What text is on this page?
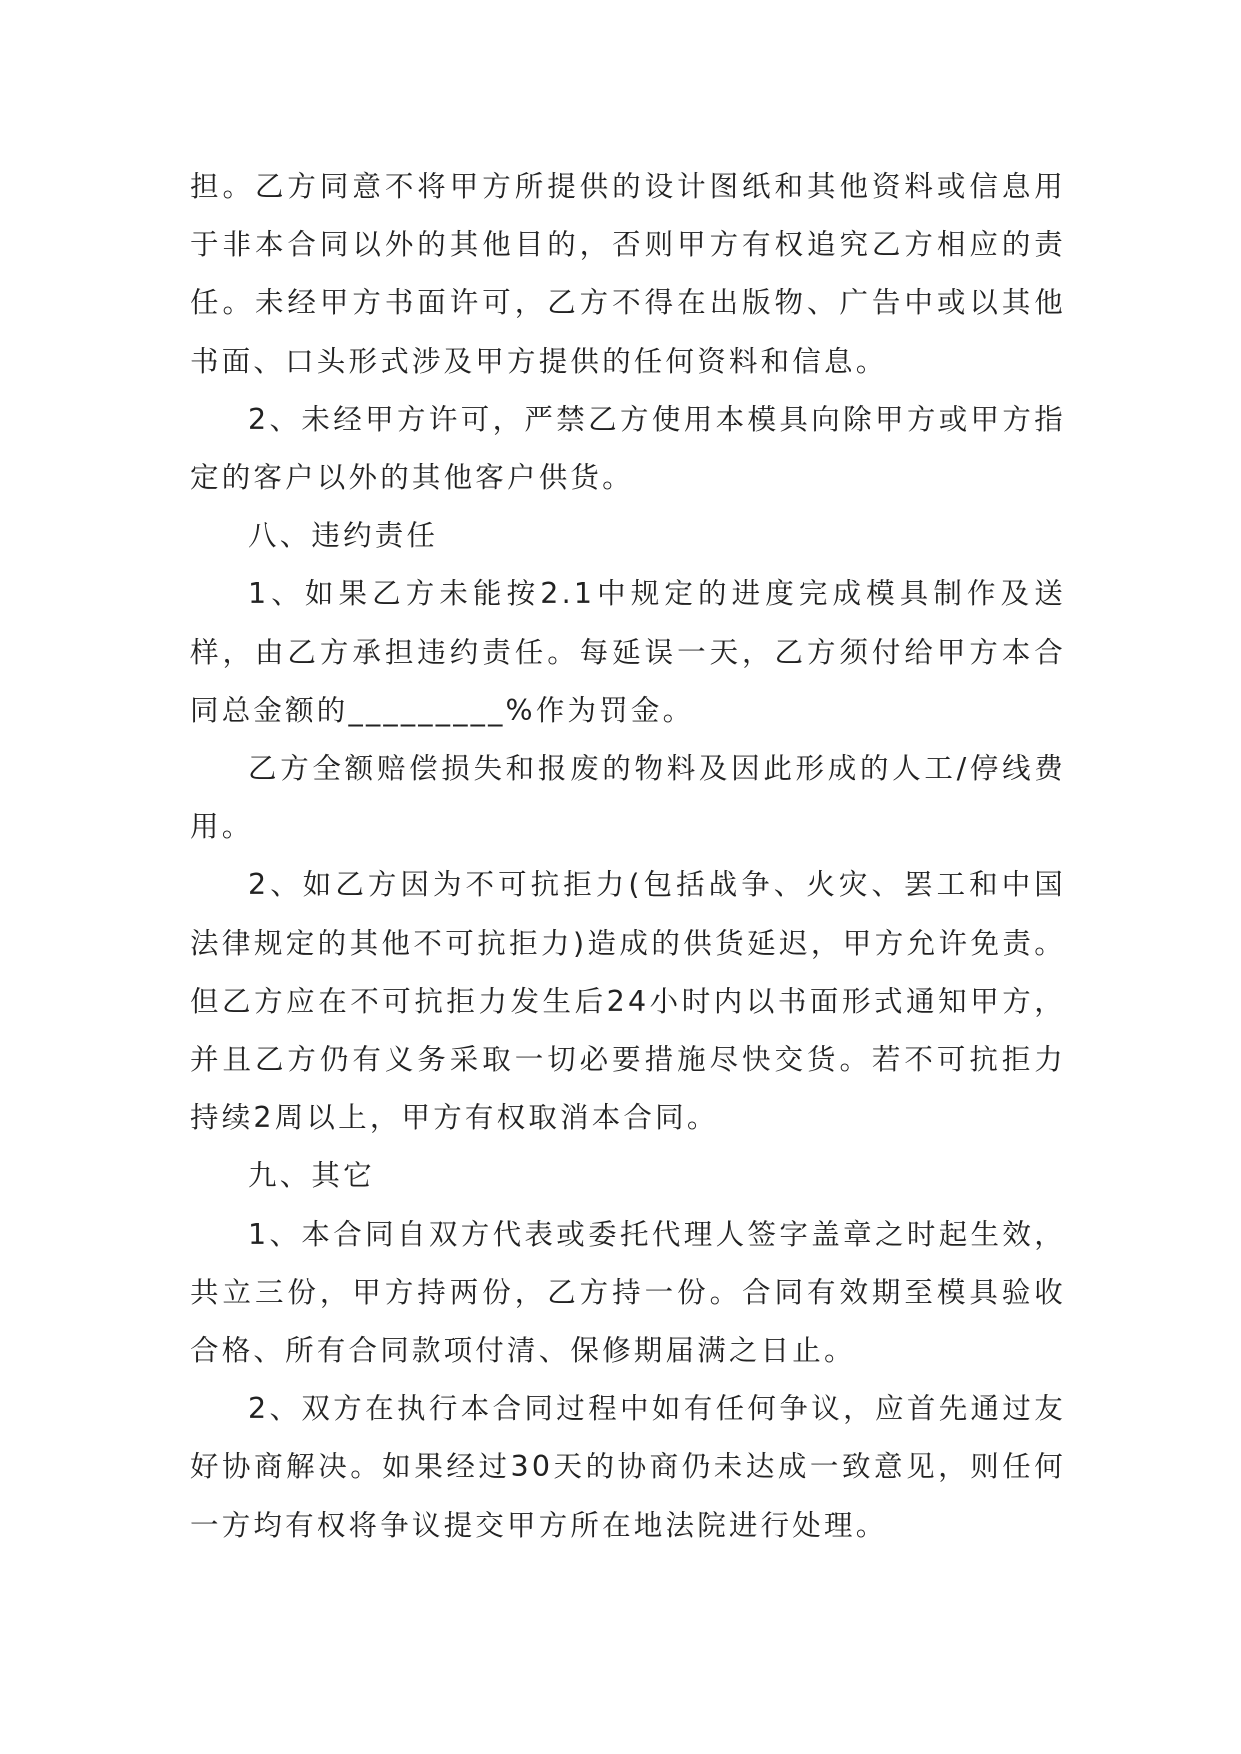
担。乙方同意不将甲方所提供的设计图纸和其他资料或信息用于非本合同以外的其他目的，否则甲方有权追究乙方相应的责任。未经甲方书面许可，乙方不得在出版物、广告中或以其他书面、口头形式涉及甲方提供的任何资料和信息。

2、未经甲方许可，严禁乙方使用本模具向除甲方或甲方指定的客户以外的其他客户供货。

八、违约责任

1、如果乙方未能按2.1中规定的进度完成模具制作及送样，由乙方承担违约责任。每延误一天，乙方须付给甲方本合同总金额的_________%作为罚金。

乙方全额赔偿损失和报废的物料及因此形成的人工/停线费用。

2、如乙方因为不可抗拒力(包括战争、火灾、罢工和中国法律规定的其他不可抗拒力)造成的供货延迟，甲方允许免责。但乙方应在不可抗拒力发生后24小时内以书面形式通知甲方，并且乙方仍有义务采取一切必要措施尽快交货。若不可抗拒力持续2周以上，甲方有权取消本合同。

九、其它

1、本合同自双方代表或委托代理人签字盖章之时起生效，共立三份，甲方持两份，乙方持一份。合同有效期至模具验收合格、所有合同款项付清、保修期届满之日止。

2、双方在执行本合同过程中如有任何争议，应首先通过友好协商解决。如果经过30天的协商仍未达成一致意见，则任何一方均有权将争议提交甲方所在地法院进行处理。
